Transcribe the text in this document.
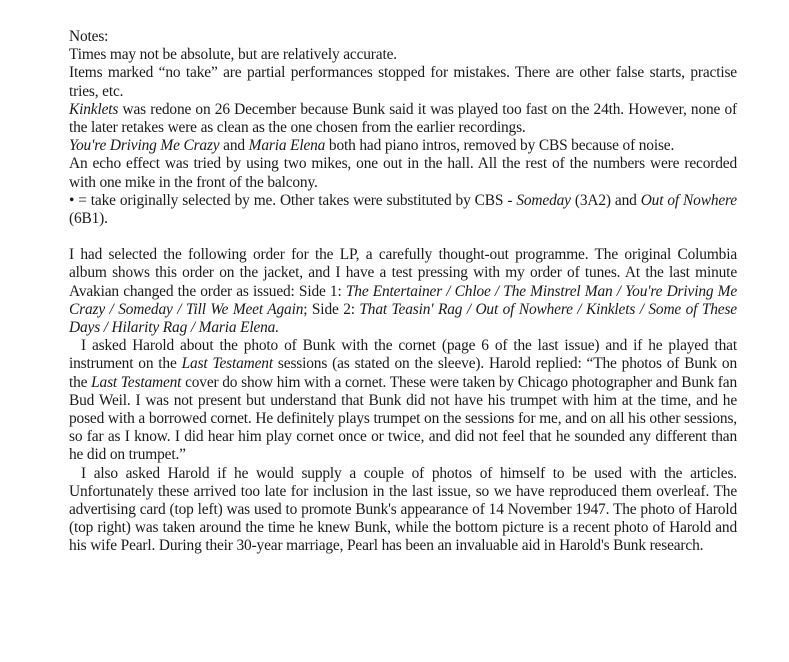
Notes:

Times may not be absolute, but are relatively accurate.

Items marked “no take” are partial performances stopped for mistakes. There are other false starts, practise tries, etc.

Kinklets was redone on 26 December because Bunk said it was played too fast on the 24th. However, none of the later retakes were as clean as the one chosen from the earlier recordings.

You're Driving Me Crazy and Maria Elena both had piano intros, removed by CBS because of noise.

An echo effect was tried by using two mikes, one out in the hall. All the rest of the numbers were recorded with one mike in the front of the balcony.

• = take originally selected by me. Other takes were substituted by CBS - Someday (3A2) and Out of Nowhere (6B1).

I had selected the following order for the LP, a carefully thought-out programme. The original Columbia album shows this order on the jacket, and I have a test pressing with my order of tunes. At the last minute Avakian changed the order as issued: Side 1: The Entertainer / Chloe / The Minstrel Man / You're Driving Me Crazy / Someday / Till We Meet Again; Side 2: That Teasin' Rag / Out of Nowhere / Kinklets / Some of These Days / Hilarity Rag / Maria Elena.

I asked Harold about the photo of Bunk with the cornet (page 6 of the last issue) and if he played that instrument on the Last Testament sessions (as stated on the sleeve). Harold replied: “The photos of Bunk on the Last Testament cover do show him with a cornet. These were taken by Chicago photographer and Bunk fan Bud Weil. I was not present but understand that Bunk did not have his trumpet with him at the time, and he posed with a borrowed cornet. He definitely plays trumpet on the sessions for me, and on all his other sessions, so far as I know. I did hear him play cornet once or twice, and did not feel that he sounded any different than he did on trumpet.”

I also asked Harold if he would supply a couple of photos of himself to be used with the articles. Unfortunately these arrived too late for inclusion in the last issue, so we have reproduced them overleaf. The advertising card (top left) was used to promote Bunk's appearance of 14 November 1947. The photo of Harold (top right) was taken around the time he knew Bunk, while the bottom picture is a recent photo of Harold and his wife Pearl. During their 30-year marriage, Pearl has been an invaluable aid in Harold's Bunk research.
